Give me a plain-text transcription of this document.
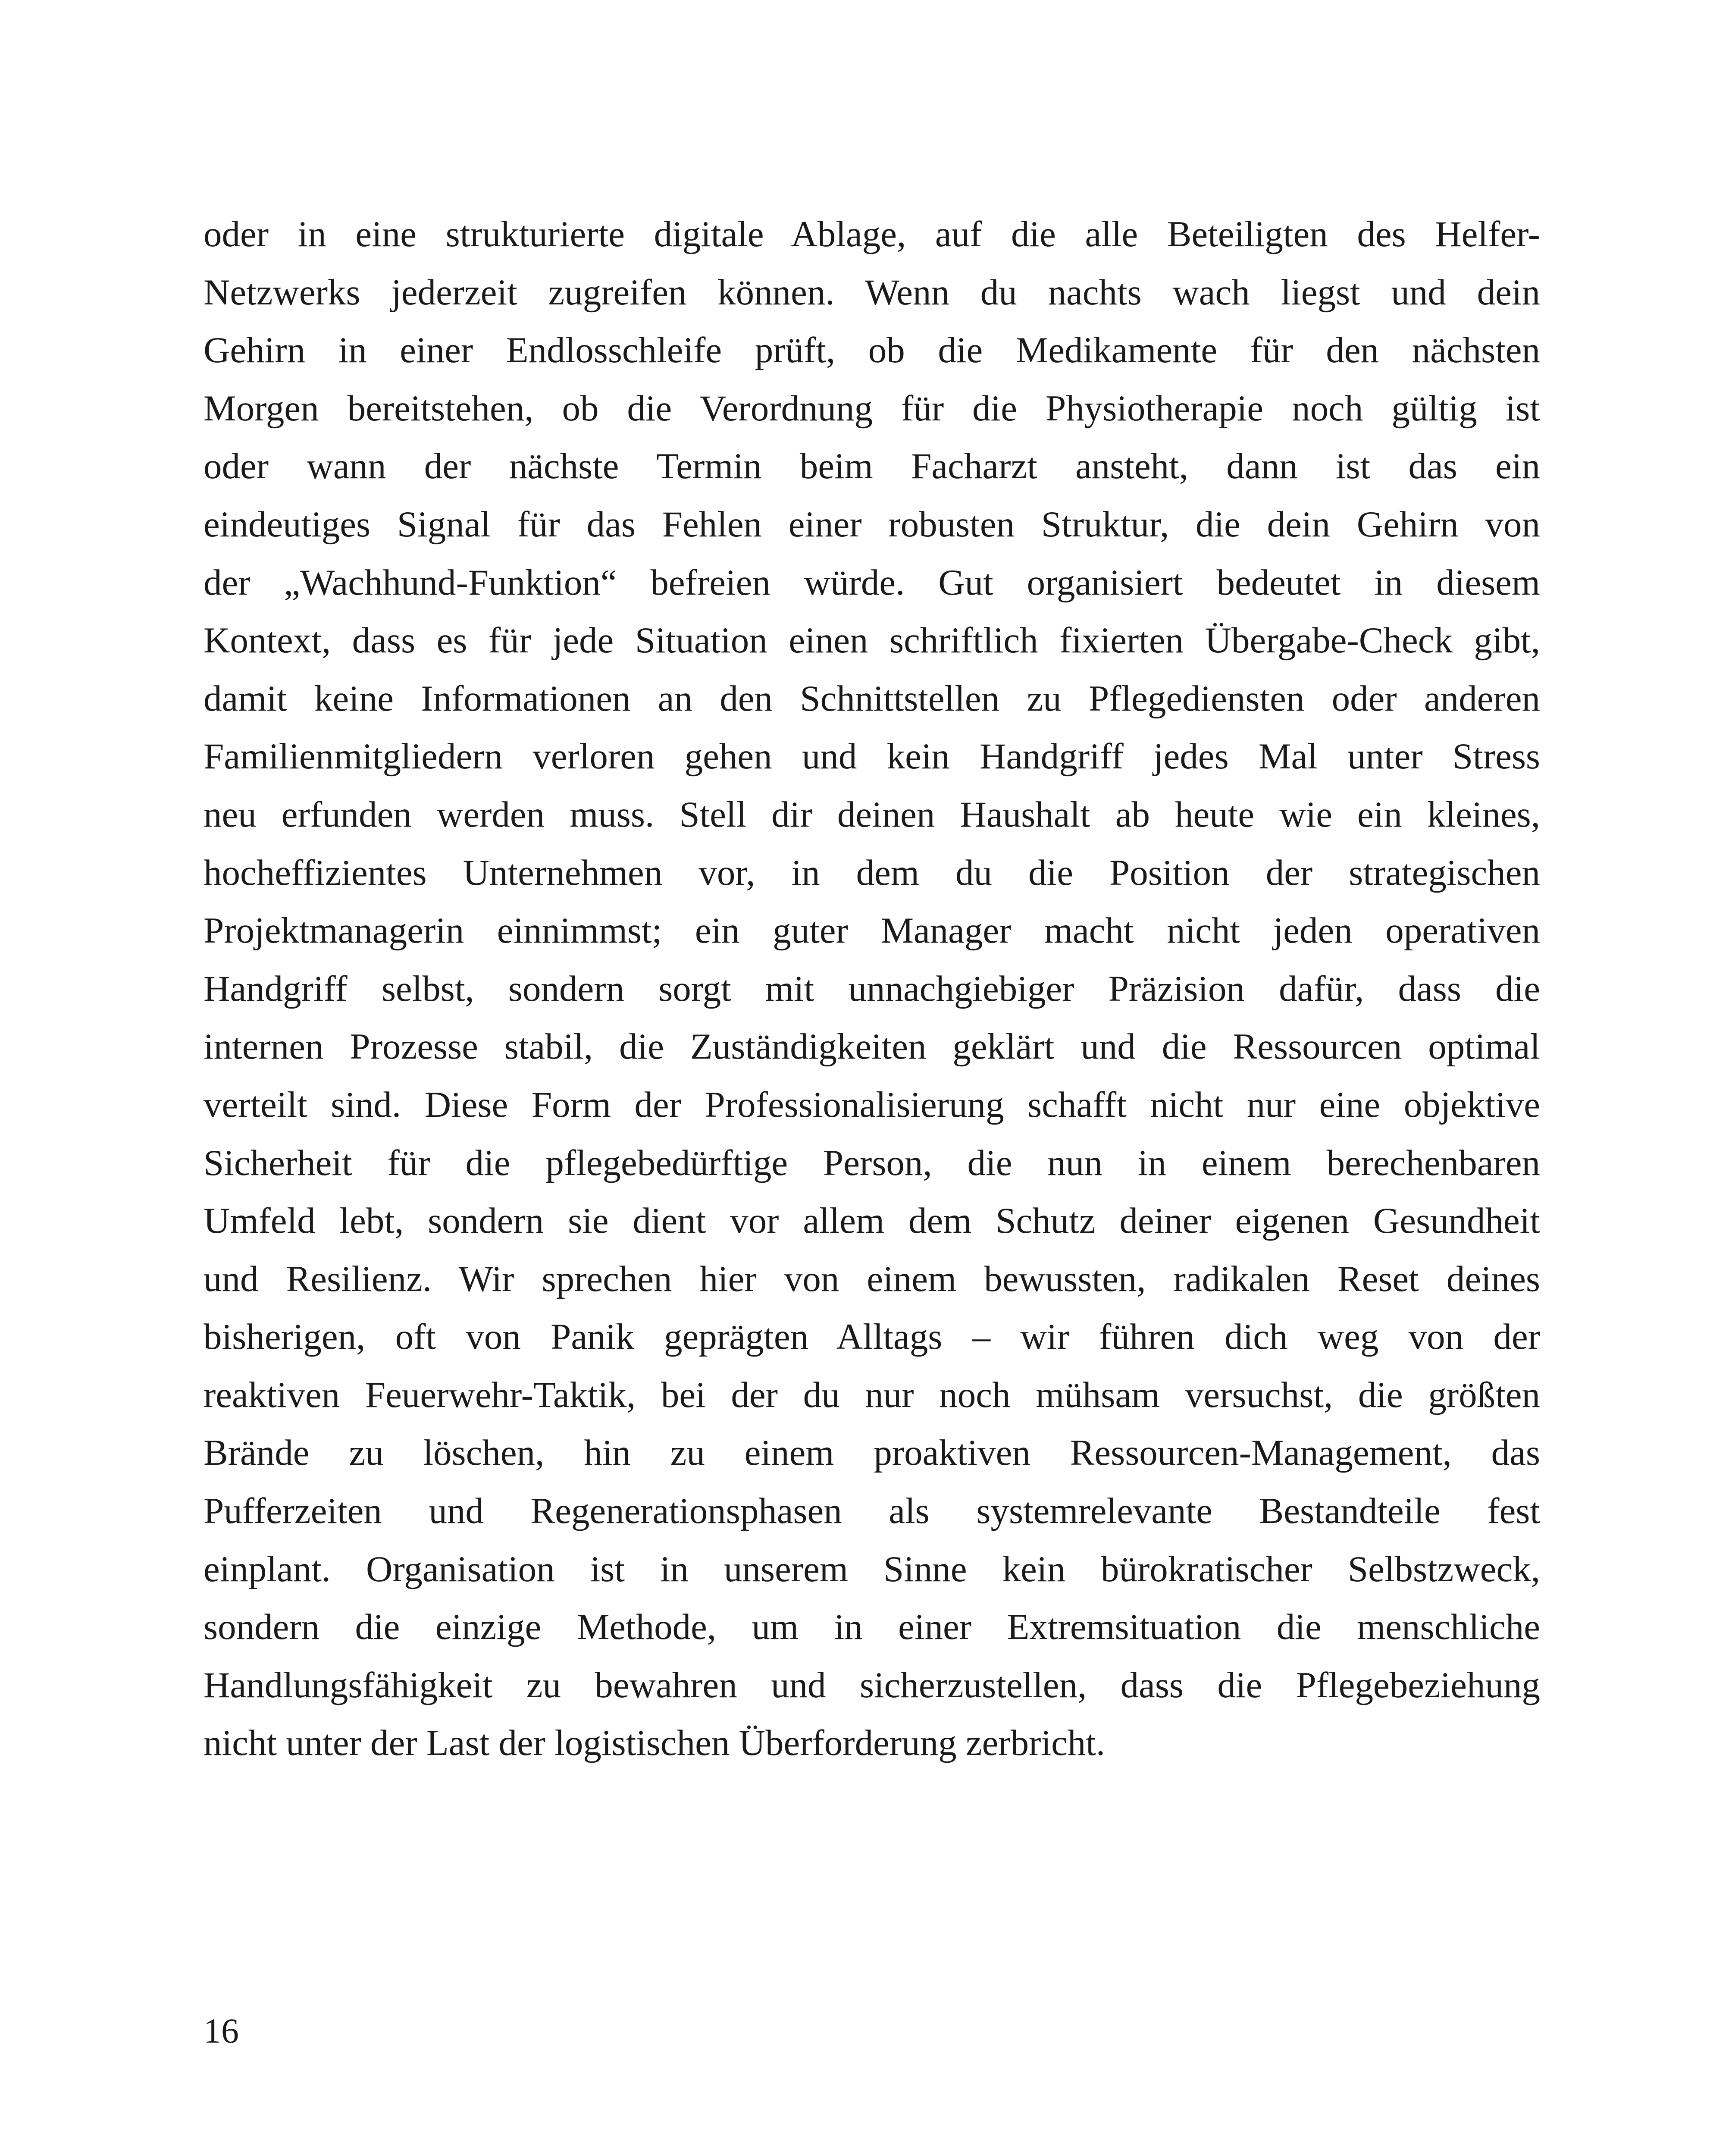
oder in eine strukturierte digitale Ablage, auf die alle Beteiligten des Helfer-
Netzwerks jederzeit zugreifen können. Wenn du nachts wach liegst und dein
Gehirn in einer Endlosschleife prüft, ob die Medikamente für den nächsten
Morgen bereitstehen, ob die Verordnung für die Physiotherapie noch gültig ist
oder wann der nächste Termin beim Facharzt ansteht, dann ist das ein
eindeutiges Signal für das Fehlen einer robusten Struktur, die dein Gehirn von
der „Wachhund-Funktion“ befreien würde. Gut organisiert bedeutet in diesem
Kontext, dass es für jede Situation einen schriftlich fixierten Übergabe-Check gibt,
damit keine Informationen an den Schnittstellen zu Pflegediensten oder anderen
Familienmitgliedern verloren gehen und kein Handgriff jedes Mal unter Stress
neu erfunden werden muss. Stell dir deinen Haushalt ab heute wie ein kleines,
hocheffizientes Unternehmen vor, in dem du die Position der strategischen
Projektmanagerin einnimmst; ein guter Manager macht nicht jeden operativen
Handgriff selbst, sondern sorgt mit unnachgiebiger Präzision dafür, dass die
internen Prozesse stabil, die Zuständigkeiten geklärt und die Ressourcen optimal
verteilt sind. Diese Form der Professionalisierung schafft nicht nur eine objektive
Sicherheit für die pflegebedürftige Person, die nun in einem berechenbaren
Umfeld lebt, sondern sie dient vor allem dem Schutz deiner eigenen Gesundheit
und Resilienz. Wir sprechen hier von einem bewussten, radikalen Reset deines
bisherigen, oft von Panik geprägten Alltags – wir führen dich weg von der
reaktiven Feuerwehr-Taktik, bei der du nur noch mühsam versuchst, die größten
Brände zu löschen, hin zu einem proaktiven Ressourcen-Management, das
Pufferzeiten und Regenerationsphasen als systemrelevante Bestandteile fest
einplant. Organisation ist in unserem Sinne kein bürokratischer Selbstzweck,
sondern die einzige Methode, um in einer Extremsituation die menschliche
Handlungsfähigkeit zu bewahren und sicherzustellen, dass die Pflegebeziehung
nicht unter der Last der logistischen Überforderung zerbricht.
16
